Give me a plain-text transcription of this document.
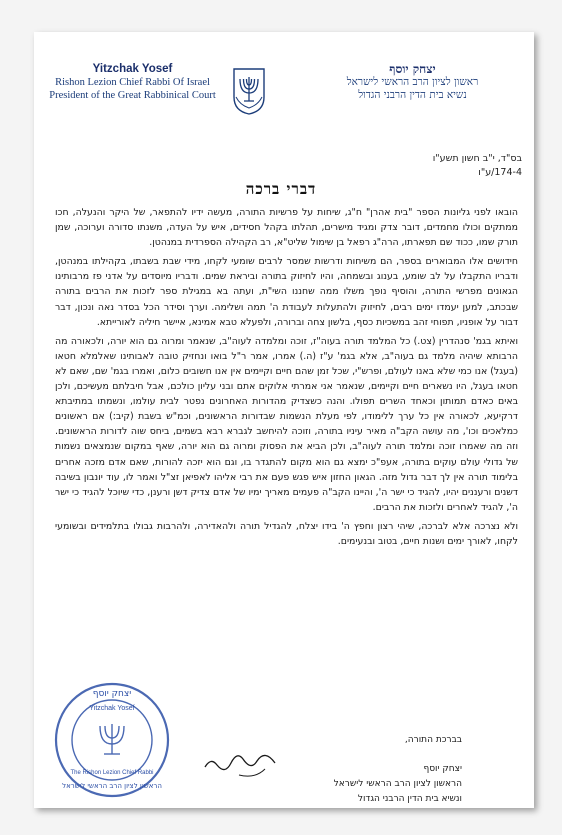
Yitzchak Yosef
Rishon Lezion Chief Rabbi Of Israel
President of the Great Rabbinical Court
יצחק יוסף
ראשון לציון הרב הראשי לישראל
נשיא בית הדין הרבני הגדול
בס"ד, י"ב חשון תשע"ו
174-4/ע"ו
דברי ברכה

הובאו לפני גליונות הספר "בית אהרן" ח"ג, שיחות על פרשיות התורה, מעשה ידיו להתפאר, של היקר והנעלה, חכו ממתקים וכולו מחמדים, דובר צדק ומגיד מישרים, תהלתו בקהל חסידים, איש על העדה, משנתו סדורה וערוכה, שמן תורק שמו, ככוד שם תפארתו, הרה"ג רפאל בן שימול שליט"א, רב הקהילה הספרדית במנהטן.

חידושים אלו המבוארים בספר, הם משיחות ודרשות שמסר לרבים שומעי לקחו, מידי שבת בשבתו, בקהילתו במנהטן, ודבריו התקבלו על לב שומע, בענוג ובשמחה, והיו לחיזוק בתורה וביראת שמים. ודבריו מיוסדים על אדני פז מרבותינו הגאונים מפרשי התורה, והוסיף נופך משלו ממה שחננו השי"ת, ועתה בא במגילת ספר לזכות את הרבים בתורה שבכתב, למען יעמדו ימים רבים, לחיזוק ולהתעלות לעבודת ה' תמה ושלימה. וערך וסידר הכל בסדר נאה ונכון, דבר דבור על אופניו, תפוחי זהב במשכיות כסף, בלשון צחה וברורה, ולפעלא טבא אמינא, איישר חיליה לאורייתא.

ואיתא בגמ' סנהדרין (צט.) כל המלמד תורה בעוה"ז, זוכה ומלמדה לעוה"ב, שנאמר ומרוה גם הוא יורה, ולכאורה מה הרבותא שיהיה מלמד גם בעוה"ב, אלא בגמ' ע"ז (ה.) אמרו, אמר ר"ל בואו ונחזיק טובה לאבותינו שאלמלא חטאו (בעגל) אנו כמי שלא באנו לעולם, ופרש"י, שכל זמן שהם חיים וקיימים אין אנו חשובים כלום, ואמרו בגמ' שם, שאם לא חטאו בעגל, היו נשארים חיים וקיימים, שנאמר אני אמרתי אלוקים אתם ובני עליון כולכם, אבל חיבלתם מעשיכם, ולכן באים כאדם תמותון וכאחד השרים תפולו. והנה כשצדיק מהדורות האחרונים נפטר לבית עולמו, ונשמתו במתיבתא דרקיעא, לכאורה אין כל ערך ללימודו, לפי מעלת הנשמות שבדורות הראשונים, וכמ"ש בשבת (קיב:) אם ראשונים כמלאכים וכו', מה עושה הקב"ה מאיר עיניו בתורה, וזוכה להיחשב לגברא רבא בשמים, ביחס שוה לדורות הראשונים. וזה מה שאמרו זוכה ומלמד תורה לעוה"ב, ולכן הביא את הפסוק ומרוה גם הוא יורה, שאף במקום שנמצאים נשמות של גדולי עולם עוקים בתורה, אעפ"כ ימצא גם הוא מקום להתגדר בו, וגם הוא יזכה להורות, שאם אדם מזכה אחרים בלימוד תורה אין לך דבר גדול מזה. הגאון החזון איש פגש פעם את רבי אליהו לאפיאן זצ"ל ואמר לו, עוד יונבון בשיבה דשנים ורעננים יהיו, להגיד כי ישר ה', והיינו הקב"ה פעמים מאריך ימיו של אדם צדיק דשן ורענן, כדי שיוכל להגיד כי ישר ה', להגיד לאחרים ולזכות את הרבים.

ולא נצרכה אלא לברכה, שיהי רצון וחפץ ה' בידו יצלח, להגדיל תורה ולהאדירה, ולהרבות גבולו בתלמידים ובשומעי לקחו, לאורך ימים ושנות חיים, בטוב ובנעימים.

יצחק יוסף
הראשון לציון הרב הראשי לישראל
Yitzchak Yosef
The Rishon Lezion Chief Rabbi
בברכת התורה,
יצחק יוסף
הראשון לציון הרב הראשי לישראל
ונשיא בית הדין הרבני הגדול
